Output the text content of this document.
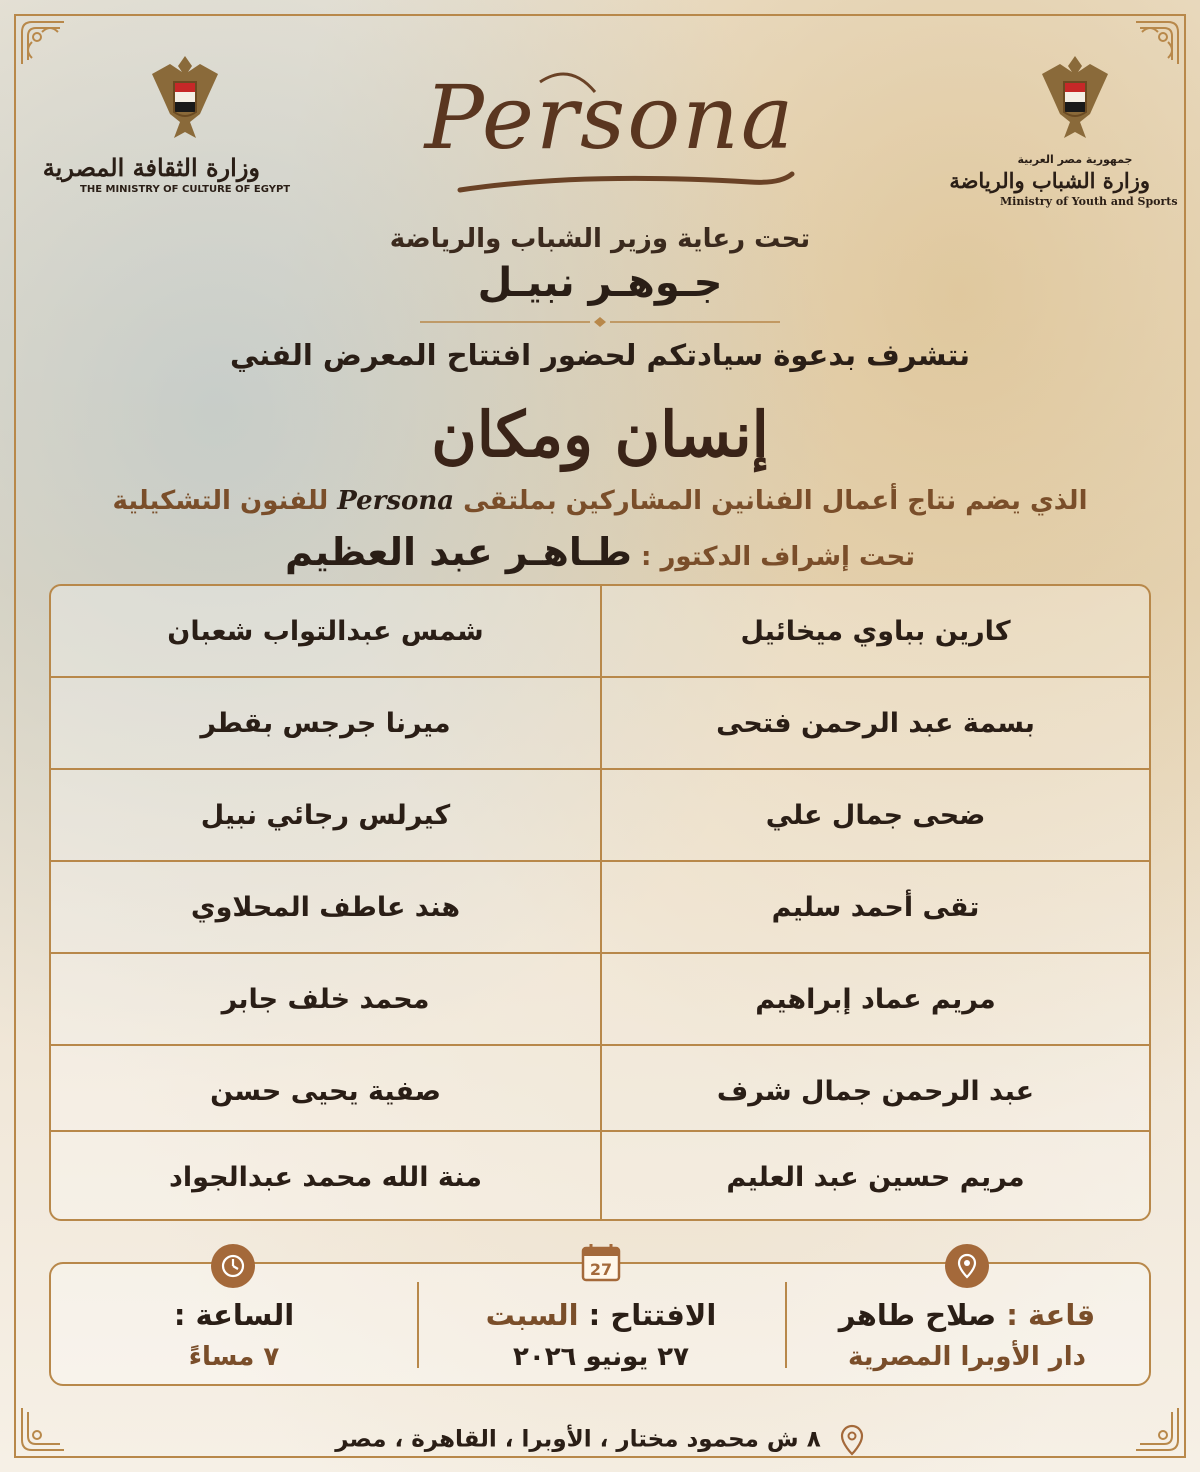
وزارة الثقافة المصرية
THE MINISTRY OF CULTURE OF EGYPT
جمهورية مصر العربية
وزارة الشباب والرياضة
Ministry of Youth and Sports
Persona
تحت رعاية وزير الشباب والرياضة
جـوهـر نبيـل
نتشرف بدعوة سيادتكم لحضور افتتاح المعرض الفني
إنسان ومكان
الذي يضم نتاج أعمال الفنانين المشاركين بملتقى Persona للفنون التشكيلية
تحت إشراف الدكتور : طـاهـر عبد العظيم
كارين بباوي ميخائيل
شمس عبدالتواب شعبان
بسمة عبد الرحمن فتحى
ميرنا جرجس بقطر
ضحى جمال علي
كيرلس رجائي نبيل
تقى أحمد سليم
هند عاطف المحلاوي
مريم عماد إبراهيم
محمد خلف جابر
عبد الرحمن جمال شرف
صفية يحيى حسن
مريم حسين عبد العليم
منة الله محمد عبدالجواد
قاعة : صلاح طاهر
دار الأوبرا المصرية
27
الافتتاح : السبت
٢٧ يونيو ٢٠٢٦
الساعة :
٧ مساءً
٨ ش محمود مختار ، الأوبرا ، القاهرة ، مصر
